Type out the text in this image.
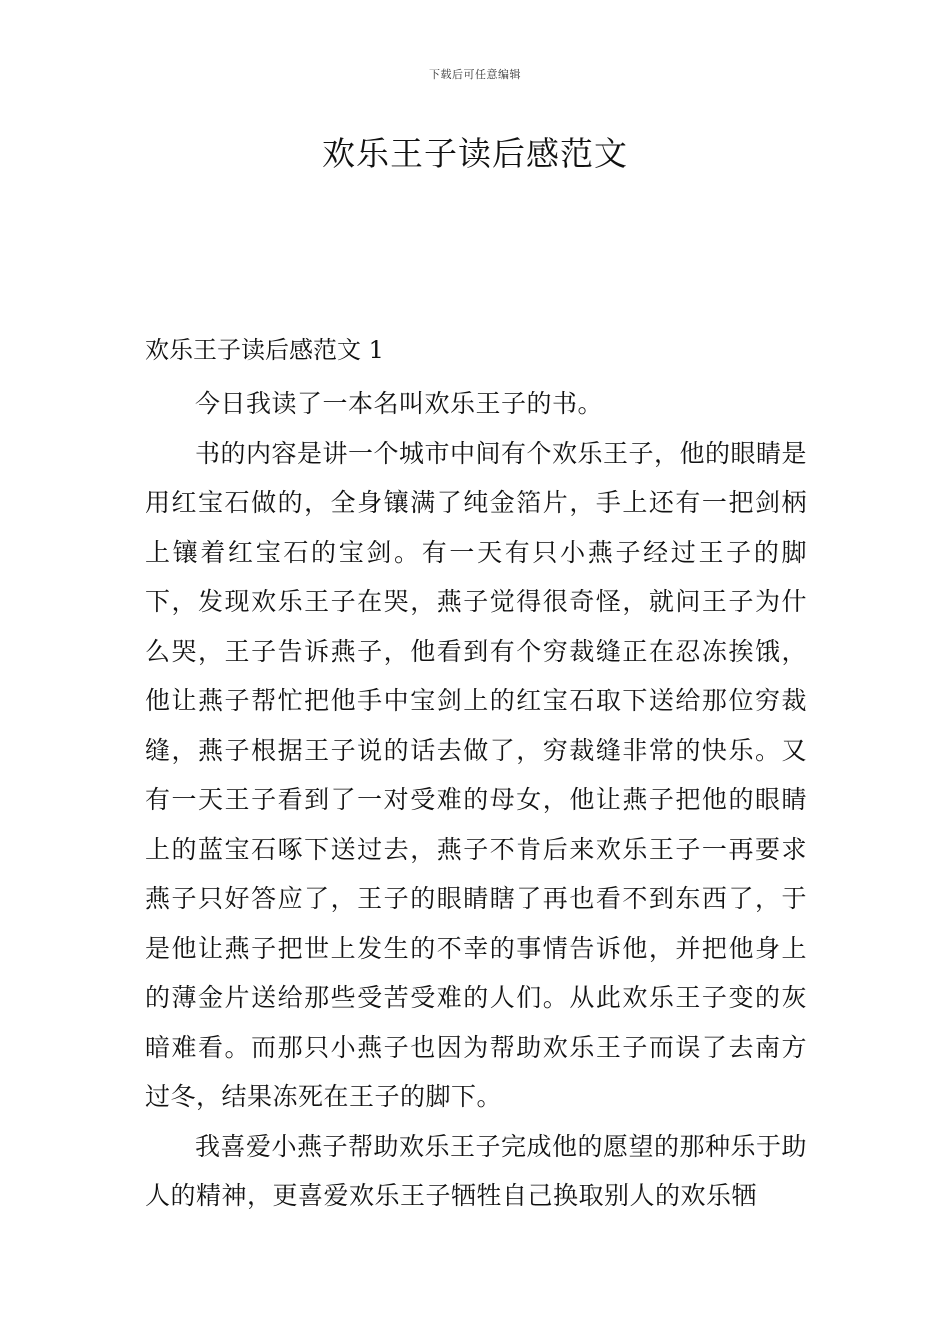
下载后可任意编辑
欢乐王子读后感范文
欢乐王子读后感范文 1

今日我读了一本名叫欢乐王子的书。

书的内容是讲一个城市中间有个欢乐王子，他的眼睛是用红宝石做的，全身镶满了纯金箔片，手上还有一把剑柄上镶着红宝石的宝剑。有一天有只小燕子经过王子的脚下，发现欢乐王子在哭，燕子觉得很奇怪，就问王子为什么哭，王子告诉燕子，他看到有个穷裁缝正在忍冻挨饿，他让燕子帮忙把他手中宝剑上的红宝石取下送给那位穷裁缝，燕子根据王子说的话去做了，穷裁缝非常的快乐。又有一天王子看到了一对受难的母女，他让燕子把他的眼睛上的蓝宝石啄下送过去，燕子不肯后来欢乐王子一再要求燕子只好答应了，王子的眼睛瞎了再也看不到东西了，于是他让燕子把世上发生的不幸的事情告诉他，并把他身上的薄金片送给那些受苦受难的人们。从此欢乐王子变的灰暗难看。而那只小燕子也因为帮助欢乐王子而误了去南方过冬，结果冻死在王子的脚下。

我喜爱小燕子帮助欢乐王子完成他的愿望的那种乐于助人的精神，更喜爱欢乐王子牺牲自己换取别人的欢乐牺
